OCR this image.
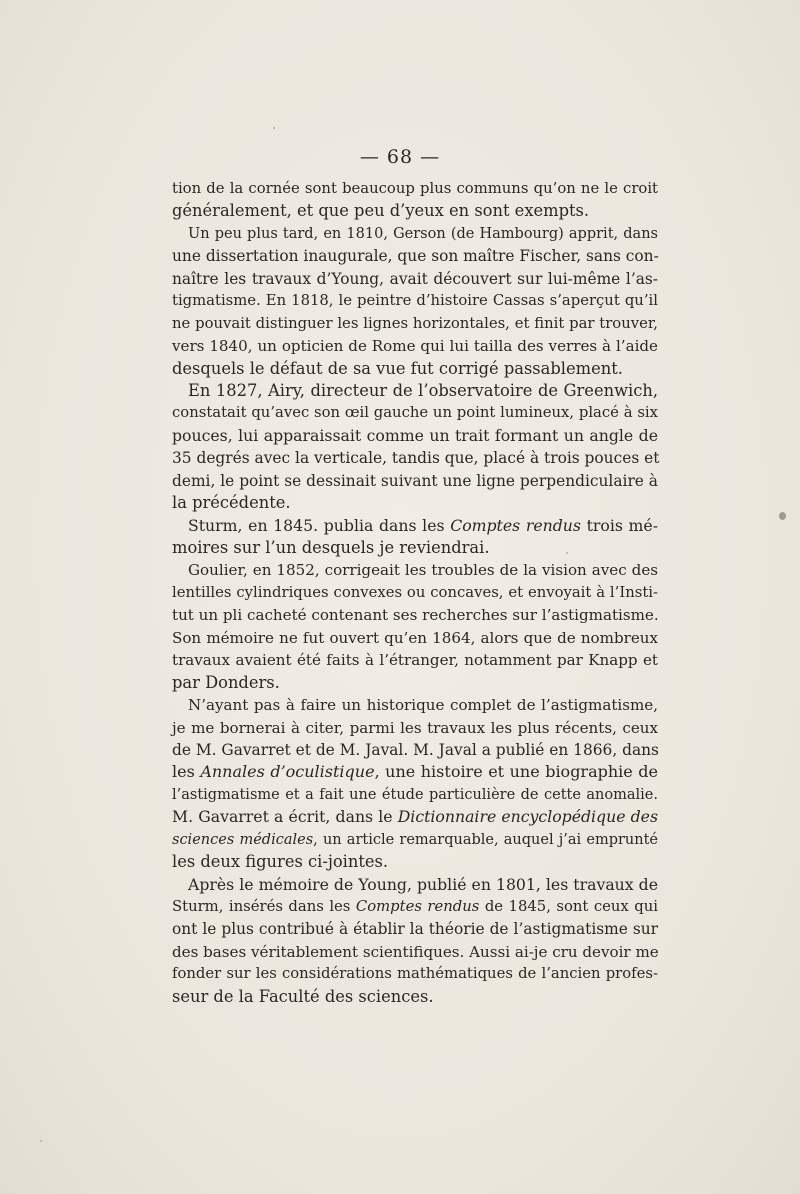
— 68 —
tion de la cornée sont beaucoup plus communs qu’on ne le croit
généralement, et que peu d’yeux en sont exempts.
Un peu plus tard, en 1810, Gerson (de Hambourg) apprit, dans
une dissertation inaugurale, que son maître Fischer, sans con-
naître les travaux d’Young, avait découvert sur lui-même l’as-
tigmatisme. En 1818, le peintre d’histoire Cassas s’aperçut qu’il
ne pouvait distinguer les lignes horizontales, et finit par trouver,
vers 1840, un opticien de Rome qui lui tailla des verres à l’aide
desquels le défaut de sa vue fut corrigé passablement.
En 1827, Airy, directeur de l’observatoire de Greenwich,
constatait qu’avec son œil gauche un point lumineux, placé à six
pouces, lui apparaissait comme un trait formant un angle de
35 degrés avec la verticale, tandis que, placé à trois pouces et
demi, le point se dessinait suivant une ligne perpendiculaire à
la précédente.
Sturm, en 1845. publia dans les Comptes rendus trois mé-
moires sur l’un desquels je reviendrai.
Goulier, en 1852, corrigeait les troubles de la vision avec des
lentilles cylindriques convexes ou concaves, et envoyait à l’Insti-
tut un pli cacheté contenant ses recherches sur l’astigmatisme.
Son mémoire ne fut ouvert qu’en 1864, alors que de nombreux
travaux avaient été faits à l’étranger, notamment par Knapp et
par Donders.
N’ayant pas à faire un historique complet de l’astigmatisme,
je me bornerai à citer, parmi les travaux les plus récents, ceux
de M. Gavarret et de M. Javal. M. Javal a publié en 1866, dans
les Annales d’oculistique, une histoire et une biographie de
l’astigmatisme et a fait une étude particulière de cette anomalie.
M. Gavarret a écrit, dans le Dictionnaire encyclopédique des
sciences médicales, un article remarquable, auquel j’ai emprunté
les deux figures ci-jointes.
Après le mémoire de Young, publié en 1801, les travaux de
Sturm, insérés dans les Comptes rendus de 1845, sont ceux qui
ont le plus contribué à établir la théorie de l’astigmatisme sur
des bases véritablement scientifiques. Aussi ai-je cru devoir me
fonder sur les considérations mathématiques de l’ancien profes-
seur de la Faculté des sciences.
